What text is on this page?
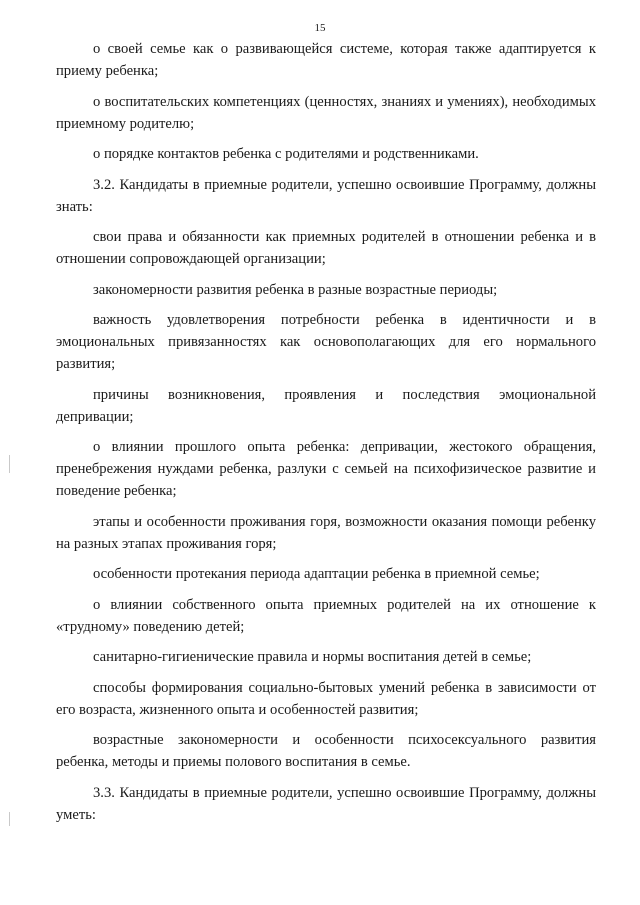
15

о своей семье как о развивающейся системе, которая также адаптируется к приему ребенка;

о воспитательских компетенциях (ценностях, знаниях и умениях), необходимых приемному родителю;

о порядке контактов ребенка с родителями и родственниками.

3.2. Кандидаты в приемные родители, успешно освоившие Программу, должны знать:

свои права и обязанности как приемных родителей в отношении ребенка и в отношении сопровождающей организации;

закономерности развития ребенка в разные возрастные периоды;

важность удовлетворения потребности ребенка в идентичности и в эмоциональных привязанностях как основополагающих для его нормального развития;

причины возникновения, проявления и последствия эмоциональной депривации;

о влиянии прошлого опыта ребенка: депривации, жестокого обращения, пренебрежения нуждами ребенка, разлуки с семьей на психофизическое развитие и поведение ребенка;

этапы и особенности проживания горя, возможности оказания помощи ребенку на разных этапах проживания горя;

особенности протекания периода адаптации ребенка в приемной семье;

о влиянии собственного опыта приемных родителей на их отношение к «трудному» поведению детей;

санитарно-гигиенические правила и нормы воспитания детей в семье;

способы формирования социально-бытовых умений ребенка в зависимости от его возраста, жизненного опыта и особенностей развития;

возрастные закономерности и особенности психосексуального развития ребенка, методы и приемы полового воспитания в семье.

3.3. Кандидаты в приемные родители, успешно освоившие Программу, должны уметь:
